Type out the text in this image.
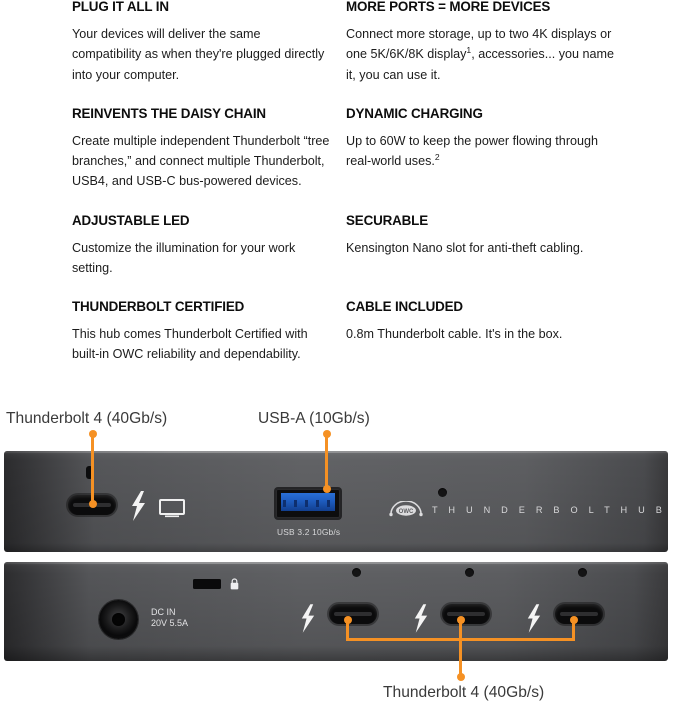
PLUG IT ALL IN

Your devices will deliver the same compatibility as when they're plugged directly into your computer.

MORE PORTS = MORE DEVICES

Connect more storage, up to two 4K displays or one 5K/6K/8K display$^1$, accessories... you name it, you can use it.

REINVENTS THE DAISY CHAIN

Create multiple independent Thunderbolt “tree branches,” and connect multiple Thunderbolt, USB4, and USB-C bus-powered devices.

DYNAMIC CHARGING

Up to 60W to keep the power flowing through real-world uses.$^2$

ADJUSTABLE LED

Customize the illumination for your work setting.

SECURABLE

Kensington Nano slot for anti-theft cabling.

THUNDERBOLT CERTIFIED

This hub comes Thunderbolt Certified with built-in OWC reliability and dependability.

CABLE INCLUDED

0.8m Thunderbolt cable. It's in the box.

USB 3.2 10Gb/s
OWC T H U N D E R B O L T H U B
DC IN
20V 5.5A
Thunderbolt 4 (40Gb/s)	USB-A (10Gb/s)
Thunderbolt 4 (40Gb/s)
